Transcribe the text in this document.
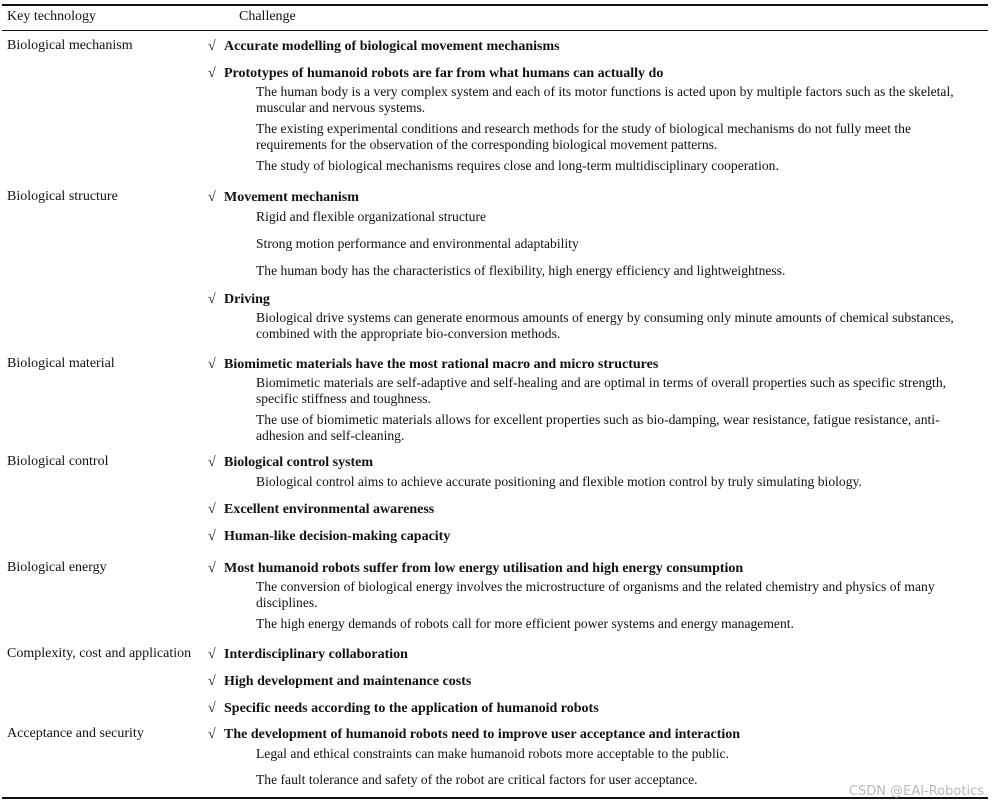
Key technology	Challenge
Biological mechanism	√ Accurate modelling of biological movement mechanisms
√ Prototypes of humanoid robots are far from what humans can actually do

The human body is a very complex system and each of its motor functions is acted upon by multiple factors such as the skeletal, muscular and nervous systems.

The existing experimental conditions and research methods for the study of biological mechanisms do not fully meet the requirements for the observation of the corresponding biological movement patterns.

The study of biological mechanisms requires close and long-term multidisciplinary cooperation.

Biological structure	√ Movement mechanism

Rigid and flexible organizational structure

Strong motion performance and environmental adaptability

The human body has the characteristics of flexibility, high energy efficiency and lightweightness.

√ Driving

Biological drive systems can generate enormous amounts of energy by consuming only minute amounts of chemical substances, combined with the appropriate bio-conversion methods.

Biological material	√ Biomimetic materials have the most rational macro and micro structures

Biomimetic materials are self-adaptive and self-healing and are optimal in terms of overall properties such as specific strength, specific stiffness and toughness.

The use of biomimetic materials allows for excellent properties such as bio-damping, wear resistance, fatigue resistance, anti-adhesion and self-cleaning.

Biological control	√ Biological control system

Biological control aims to achieve accurate positioning and flexible motion control by truly simulating biology.

√ Excellent environmental awareness
√ Human-like decision-making capacity
Biological energy	√ Most humanoid robots suffer from low energy utilisation and high energy consumption

The conversion of biological energy involves the microstructure of organisms and the related chemistry and physics of many disciplines.

The high energy demands of robots call for more efficient power systems and energy management.

Complexity, cost and application	√ Interdisciplinary collaboration
√ High development and maintenance costs
√ Specific needs according to the application of humanoid robots
Acceptance and security	√ The development of humanoid robots need to improve user acceptance and interaction

Legal and ethical constraints can make humanoid robots more acceptable to the public.

The fault tolerance and safety of the robot are critical factors for user acceptance.

CSDN @EAI-Robotics
